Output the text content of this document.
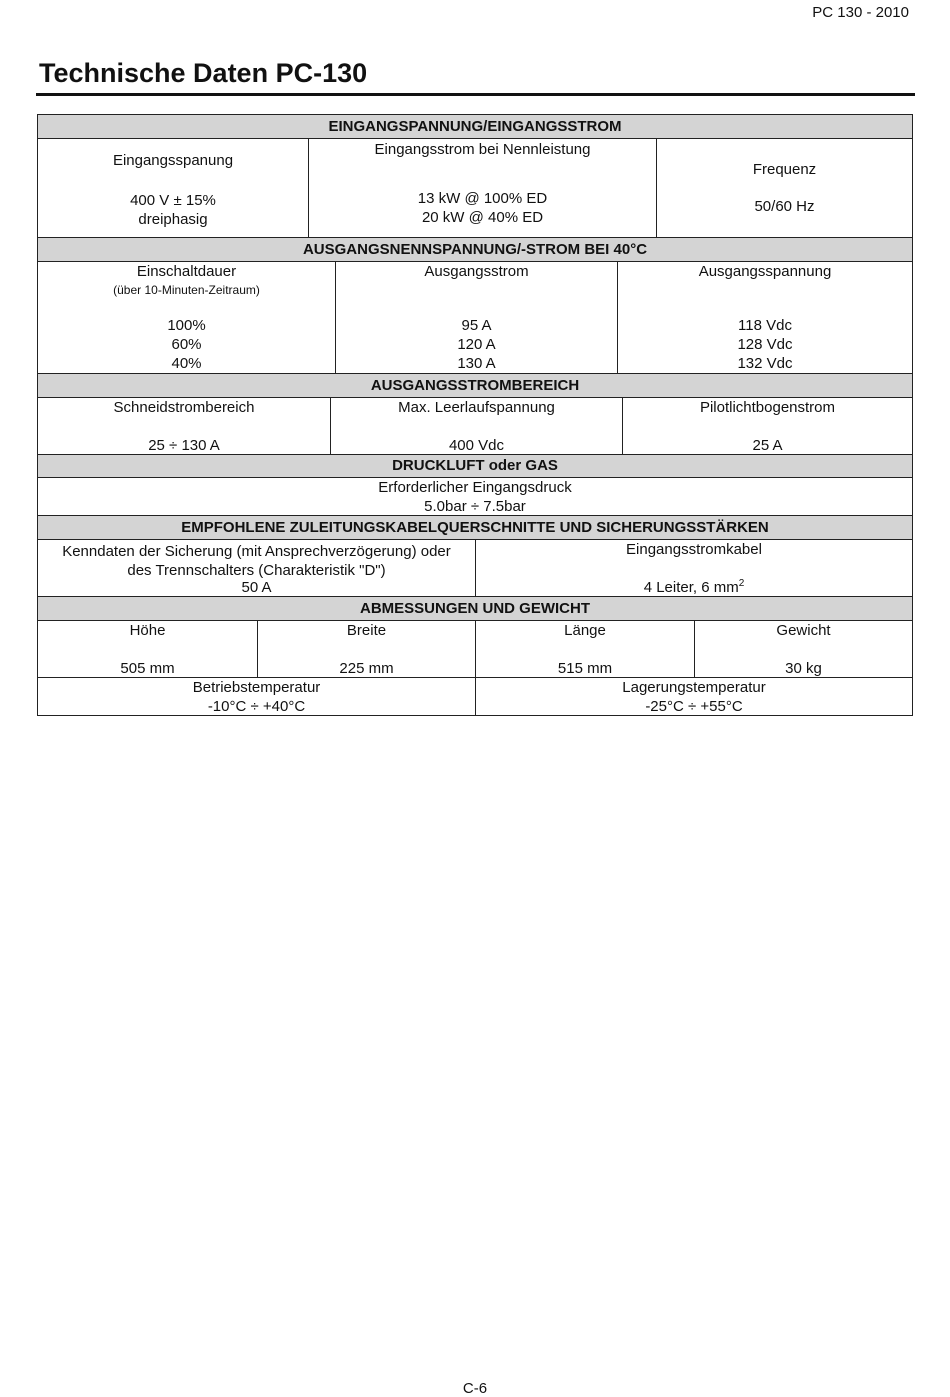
PC 130 - 2010
Technische Daten PC-130
EINGANGSPANNUNG/EINGANGSSTROM
Eingangsspanung
400 V ± 15%
dreiphasig
Eingangsstrom bei Nennleistung
13 kW @ 100% ED
20 kW @ 40% ED
Frequenz
50/60 Hz
AUSGANGSNENNSPANNUNG/-STROM BEI 40°C
Einschaltdauer
(über 10-Minuten-Zeitraum)
100%
60%
40%
Ausgangsstrom
95 A
120 A
130 A
Ausgangsspannung
118 Vdc
128 Vdc
132 Vdc
AUSGANGSSTROMBEREICH
Schneidstrombereich
25 ÷ 130 A
Max. Leerlaufspannung
400 Vdc
Pilotlichtbogenstrom
25 A
DRUCKLUFT oder GAS
Erforderlicher Eingangsdruck
5.0bar ÷ 7.5bar
EMPFOHLENE ZULEITUNGSKABELQUERSCHNITTE UND SICHERUNGSSTÄRKEN
Kenndaten der Sicherung (mit Ansprechverzögerung) oder
des Trennschalters (Charakteristik "D")
50 A
Eingangsstromkabel
4 Leiter, 6 $mm^2$
ABMESSUNGEN UND GEWICHT
Höhe
505 mm
Breite
225 mm
Länge
515 mm
Gewicht
30 kg
Betriebstemperatur
-10°C ÷ +40°C
Lagerungstemperatur
-25°C ÷ +55°C
C-6
